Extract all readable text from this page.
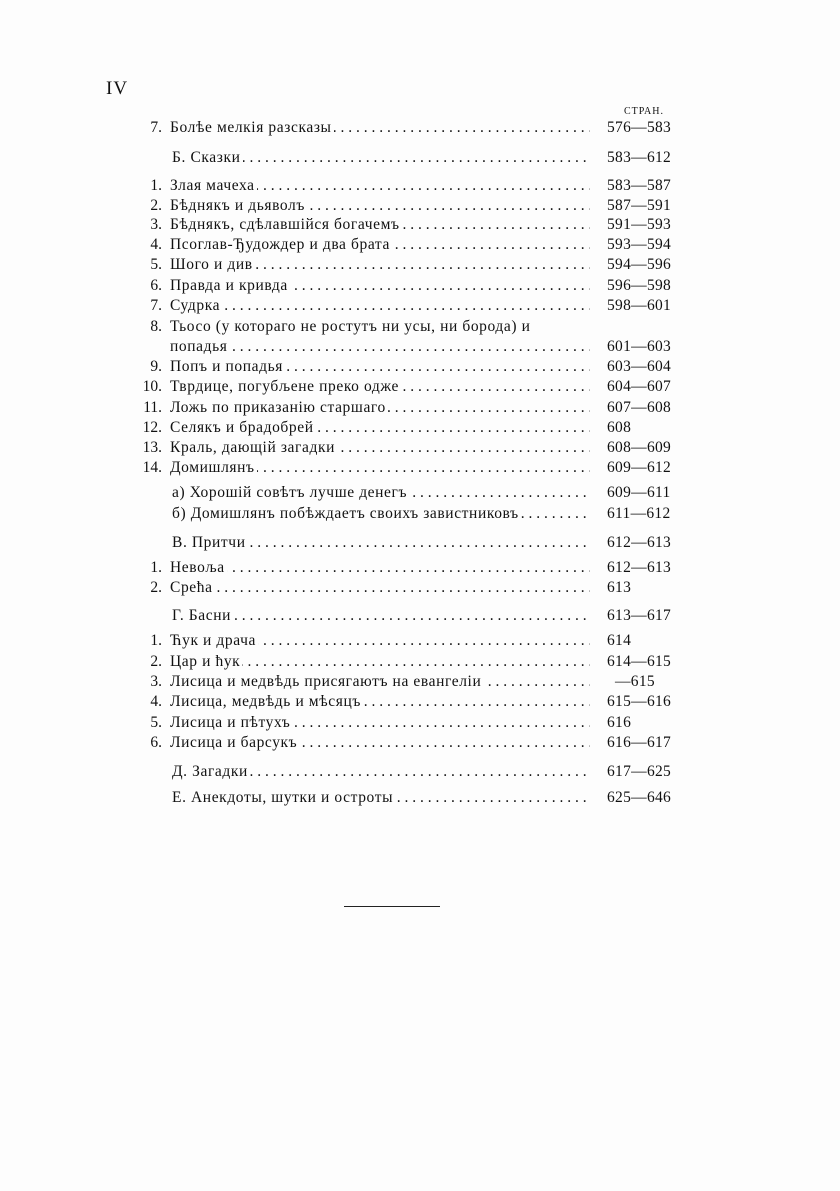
IV
СТРАН.
7. Болѣе мелкія разсказы . . .	576—583
Б. Сказки . . .	583—612
1. Злая мачеха . . .	583—587
2. Бѣднякъ и дьяволъ . . .	587—591
3. Бѣднякъ, сдѣлавшійся богачемъ . . .	591—593
4. Псоглав-Ђудождер и два брата . . .	593—594
5. Шого и див . . .	594—596
6. Правда и кривда . . .	596—598
7. Судрка . . .	598—601
8. Тьосо (у котораго не ростутъ ни усы, ни борода) и
попадья . . .	601—603
9. Попъ и попадья . . .	603—604
10. Тврдице, погубљене преко одже . . .	604—607
11. Ложь по приказанію старшаго . . .	607—608
12. Селякъ и брадобрей . . .	608
13. Краль, дающій загадки . . .	608—609
14. Домишлянъ . . .	609—612
а) Хорошій совѣтъ лучше денегъ . . .	609—611
б) Домишлянъ побѣждаетъ своихъ завистниковъ . . .	611—612
В. Притчи . . .	612—613
1. Невоља . . .	612—613
2. Срећа . . .	613
Г. Басни . . .	613—617
1. Ћук и драча . . .	614
2. Цар и ћук . . .	614—615
3. Лисица и медвѣдь присягаютъ на евангеліи . . .	—615
4. Лисица, медвѣдь и мѣсяцъ . . .	615—616
5. Лисица и пѣтухъ . . .	616
6. Лисица и барсукъ . . .	616—617
Д. Загадки . . .	617—625
Е. Анекдоты, шутки и остроты . . .	625—646
